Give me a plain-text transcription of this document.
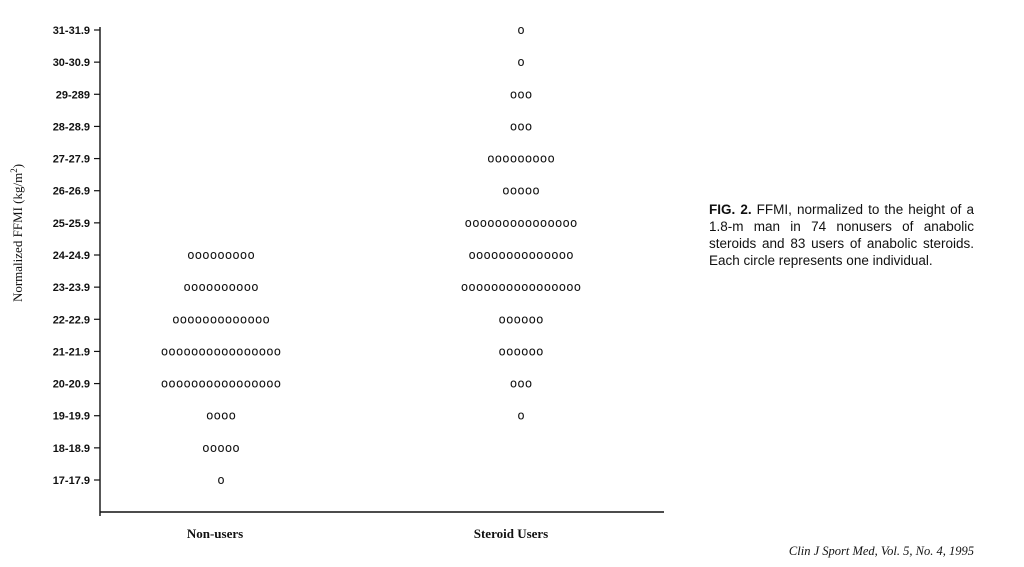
17-17.9
18-18.9
19-19.9
20-20.9
21-21.9
22-22.9
23-23.9
24-24.9
25-25.9
26-26.9
27-27.9
28-28.9
29-289
30-30.9
31-31.9
o
ooooo
oooo
oooooooooooooooo
oooooooooooooooo
ooooooooooooo
oooooooooo
ooooooooo
o
ooo
oooooo
oooooo
oooooooooooooooo
oooooooooooooo
ooooooooooooooo
ooooo
ooooooooo
ooo
ooo
o
o
Non-users	Steroid Users
Normalized FFMI $(kg/m^2)$

FIG. 2. FFMI, normalized to the height of a 1.8-m man in 74 nonusers of anabolic steroids and 83 users of anabolic steroids. Each circle represents one individual.

Clin J Sport Med, Vol. 5, No. 4, 1995
